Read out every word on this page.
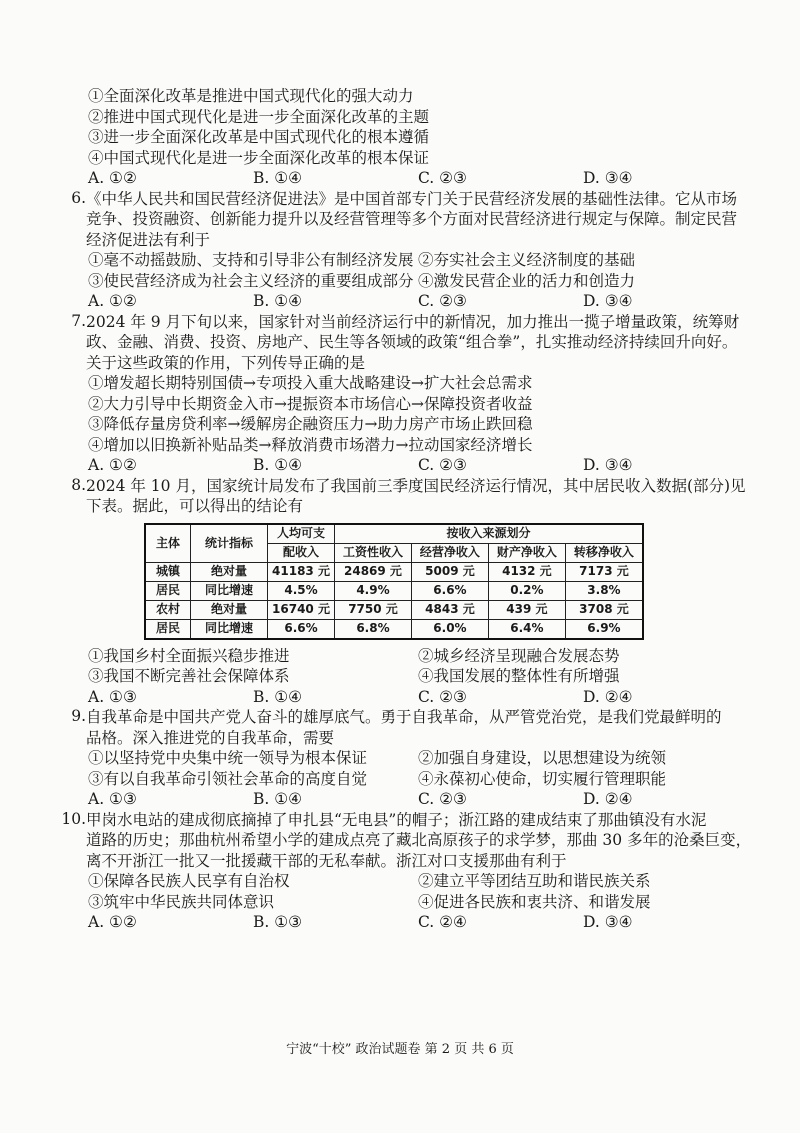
①全面深化改革是推进中国式现代化的强大动力
②推进中国式现代化是进一步全面深化改革的主题
③进一步全面深化改革是中国式现代化的根本遵循
④中国式现代化是进一步全面深化改革的根本保证
A. ①②	B. ①④	C. ②③	D. ③④
6. 《中华人民共和国民营经济促进法》是中国首部专门关于民营经济发展的基础性法律。它从市场
竞争、投资融资、创新能力提升以及经营管理等多个方面对民营经济进行规定与保障。制定民营
经济促进法有利于
①毫不动摇鼓励、支持和引导非公有制经济发展 ②夯实社会主义经济制度的基础
③使民营经济成为社会主义经济的重要组成部分 ④激发民营企业的活力和创造力
A. ①②	B. ①④	C. ②③	D. ③④
7. 2024 年 9 月下旬以来，国家针对当前经济运行中的新情况，加力推出一揽子增量政策，统筹财
政、金融、消费、投资、房地产、民生等各领域的政策“组合拳”，扎实推动经济持续回升向好。
关于这些政策的作用，下列传导正确的是
①增发超长期特别国债→专项投入重大战略建设→扩大社会总需求
②大力引导中长期资金入市→提振资本市场信心→保障投资者收益
③降低存量房贷利率→缓解房企融资压力→助力房产市场止跌回稳
④增加以旧换新补贴品类→释放消费市场潜力→拉动国家经济增长
A. ①②	B. ①④	C. ②③	D. ③④
8. 2024 年 10 月，国家统计局发布了我国前三季度国民经济运行情况，其中居民收入数据(部分)见
下表。据此，可以得出的结论有
主体	统计指标	人均可支	按收入来源划分			
		配收入	工资性收入	经营净收入	财产净收入	转移净收入
城镇	绝对量	41183 元	24869 元	5009 元	4132 元	7173 元
居民	同比增速	4.5%	4.9%	6.6%	0.2%	3.8%
农村	绝对量	16740 元	7750 元	4843 元	439 元	3708 元
居民	同比增速	6.6%	6.8%	6.0%	6.4%	6.9%
①我国乡村全面振兴稳步推进	②城乡经济呈现融合发展态势
③我国不断完善社会保障体系	④我国发展的整体性有所增强
A. ①③	B. ①④	C. ②③	D. ②④
9. 自我革命是中国共产党人奋斗的雄厚底气。勇于自我革命，从严管党治党，是我们党最鲜明的
品格。深入推进党的自我革命，需要
①以坚持党中央集中统一领导为根本保证	②加强自身建设，以思想建设为统领
③有以自我革命引领社会革命的高度自觉	④永葆初心使命，切实履行管理职能
A. ①③	B. ①④	C. ②③	D. ②④
10. 甲岗水电站的建成彻底摘掉了申扎县“无电县”的帽子；浙江路的建成结束了那曲镇没有水泥
道路的历史；那曲杭州希望小学的建成点亮了藏北高原孩子的求学梦，那曲 30 多年的沧桑巨变，
离不开浙江一批又一批援藏干部的无私奉献。浙江对口支援那曲有利于
①保障各民族人民享有自治权	②建立平等团结互助和谐民族关系
③筑牢中华民族共同体意识	④促进各民族和衷共济、和谐发展
A. ①②	B. ①③	C. ②④	D. ③④
宁波“十校” 政治试题卷 第 2 页 共 6 页
